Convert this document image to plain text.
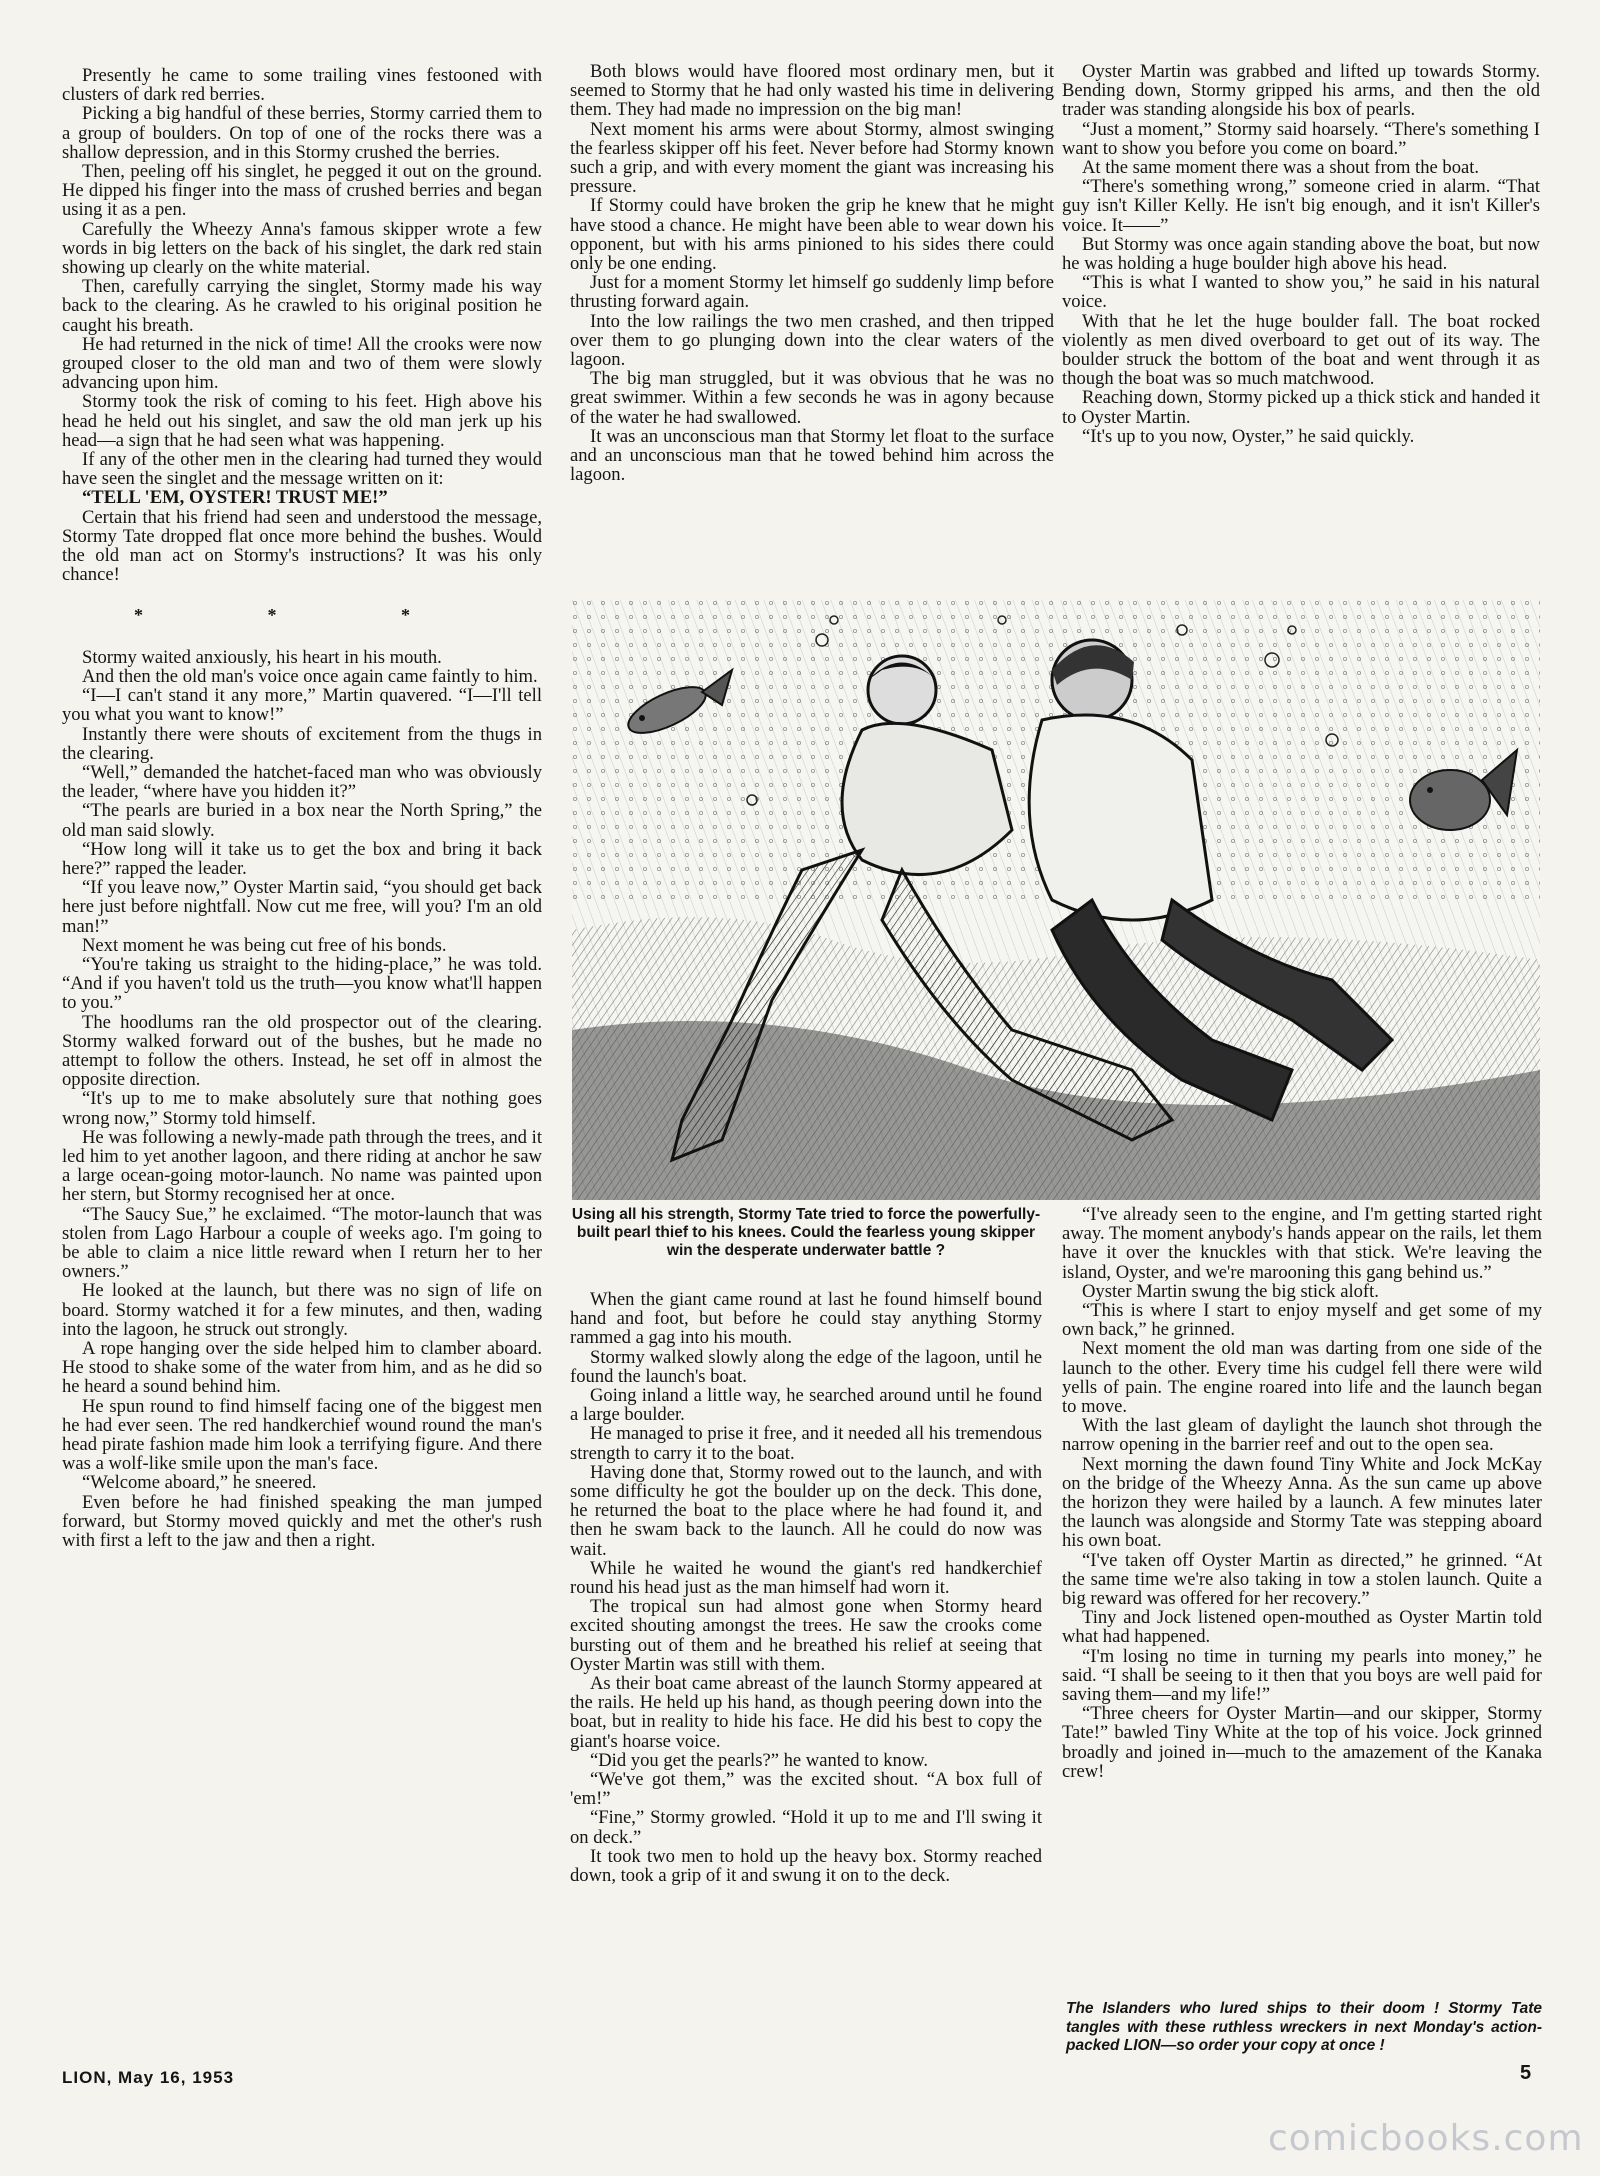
Presently he came to some trailing vines festooned with clusters of dark red berries.

Picking a big handful of these berries, Stormy carried them to a group of boulders. On top of one of the rocks there was a shallow depression, and in this Stormy crushed the berries.

Then, peeling off his singlet, he pegged it out on the ground. He dipped his finger into the mass of crushed berries and began using it as a pen.

Carefully the Wheezy Anna's famous skipper wrote a few words in big letters on the back of his singlet, the dark red stain showing up clearly on the white material.

Then, carefully carrying the singlet, Stormy made his way back to the clearing. As he crawled to his original position he caught his breath.

He had returned in the nick of time! All the crooks were now grouped closer to the old man and two of them were slowly advancing upon him.

Stormy took the risk of coming to his feet. High above his head he held out his singlet, and saw the old man jerk up his head—a sign that he had seen what was happening.

If any of the other men in the clearing had turned they would have seen the singlet and the message written on it:

“TELL 'EM, OYSTER! TRUST ME!”

Certain that his friend had seen and understood the message, Stormy Tate dropped flat once more behind the bushes. Would the old man act on Stormy's instructions? It was his only chance!

* * *

Stormy waited anxiously, his heart in his mouth.

And then the old man's voice once again came faintly to him.

“I—I can't stand it any more,” Martin quavered. “I—I'll tell you what you want to know!”

Instantly there were shouts of excitement from the thugs in the clearing.

“Well,” demanded the hatchet-faced man who was obviously the leader, “where have you hidden it?”

“The pearls are buried in a box near the North Spring,” the old man said slowly.

“How long will it take us to get the box and bring it back here?” rapped the leader.

“If you leave now,” Oyster Martin said, “you should get back here just before nightfall. Now cut me free, will you? I'm an old man!”

Next moment he was being cut free of his bonds.

“You're taking us straight to the hiding-place,” he was told. “And if you haven't told us the truth—you know what'll happen to you.”

The hoodlums ran the old prospector out of the clearing. Stormy walked forward out of the bushes, but he made no attempt to follow the others. Instead, he set off in almost the opposite direction.

“It's up to me to make absolutely sure that nothing goes wrong now,” Stormy told himself.

He was following a newly-made path through the trees, and it led him to yet another lagoon, and there riding at anchor he saw a large ocean-going motor-launch. No name was painted upon her stern, but Stormy recognised her at once.

“The Saucy Sue,” he exclaimed. “The motor-launch that was stolen from Lago Harbour a couple of weeks ago. I'm going to be able to claim a nice little reward when I return her to her owners.”

He looked at the launch, but there was no sign of life on board. Stormy watched it for a few minutes, and then, wading into the lagoon, he struck out strongly.

A rope hanging over the side helped him to clamber aboard. He stood to shake some of the water from him, and as he did so he heard a sound behind him.

He spun round to find himself facing one of the biggest men he had ever seen. The red handkerchief wound round the man's head pirate fashion made him look a terrifying figure. And there was a wolf-like smile upon the man's face.

“Welcome aboard,” he sneered.

Even before he had finished speaking the man jumped forward, but Stormy moved quickly and met the other's rush with first a left to the jaw and then a right.

Both blows would have floored most ordinary men, but it seemed to Stormy that he had only wasted his time in delivering them. They had made no impression on the big man!

Next moment his arms were about Stormy, almost swinging the fearless skipper off his feet. Never before had Stormy known such a grip, and with every moment the giant was increasing his pressure.

If Stormy could have broken the grip he knew that he might have stood a chance. He might have been able to wear down his opponent, but with his arms pinioned to his sides there could only be one ending.

Just for a moment Stormy let himself go suddenly limp before thrusting forward again.

Into the low railings the two men crashed, and then tripped over them to go plunging down into the clear waters of the lagoon.

The big man struggled, but it was obvious that he was no great swimmer. Within a few seconds he was in agony because of the water he had swallowed.

It was an unconscious man that Stormy let float to the surface and an unconscious man that he towed behind him across the lagoon.

Oyster Martin was grabbed and lifted up towards Stormy. Bending down, Stormy gripped his arms, and then the old trader was standing alongside his box of pearls.

“Just a moment,” Stormy said hoarsely. “There's something I want to show you before you come on board.”

At the same moment there was a shout from the boat.

“There's something wrong,” someone cried in alarm. “That guy isn't Killer Kelly. He isn't big enough, and it isn't Killer's voice. It——”

But Stormy was once again standing above the boat, but now he was holding a huge boulder high above his head.

“This is what I wanted to show you,” he said in his natural voice.

With that he let the huge boulder fall. The boat rocked violently as men dived overboard to get out of its way. The boulder struck the bottom of the boat and went through it as though the boat was so much matchwood.

Reaching down, Stormy picked up a thick stick and handed it to Oyster Martin.

“It's up to you now, Oyster,” he said quickly.

Using all his strength, Stormy Tate tried to force the powerfully-built pearl thief to his knees. Could the fearless young skipper win the desperate underwater battle ?

When the giant came round at last he found himself bound hand and foot, but before he could stay anything Stormy rammed a gag into his mouth.

Stormy walked slowly along the edge of the lagoon, until he found the launch's boat.

Going inland a little way, he searched around until he found a large boulder.

He managed to prise it free, and it needed all his tremendous strength to carry it to the boat.

Having done that, Stormy rowed out to the launch, and with some difficulty he got the boulder up on the deck. This done, he returned the boat to the place where he had found it, and then he swam back to the launch. All he could do now was wait.

While he waited he wound the giant's red handkerchief round his head just as the man himself had worn it.

The tropical sun had almost gone when Stormy heard excited shouting amongst the trees. He saw the crooks come bursting out of them and he breathed his relief at seeing that Oyster Martin was still with them.

As their boat came abreast of the launch Stormy appeared at the rails. He held up his hand, as though peering down into the boat, but in reality to hide his face. He did his best to copy the giant's hoarse voice.

“Did you get the pearls?” he wanted to know.

“We've got them,” was the excited shout. “A box full of 'em!”

“Fine,” Stormy growled. “Hold it up to me and I'll swing it on deck.”

It took two men to hold up the heavy box. Stormy reached down, took a grip of it and swung it on to the deck.

“I've already seen to the engine, and I'm getting started right away. The moment anybody's hands appear on the rails, let them have it over the knuckles with that stick. We're leaving the island, Oyster, and we're marooning this gang behind us.”

Oyster Martin swung the big stick aloft.

“This is where I start to enjoy myself and get some of my own back,” he grinned.

Next moment the old man was darting from one side of the launch to the other. Every time his cudgel fell there were wild yells of pain. The engine roared into life and the launch began to move.

With the last gleam of daylight the launch shot through the narrow opening in the barrier reef and out to the open sea.

Next morning the dawn found Tiny White and Jock McKay on the bridge of the Wheezy Anna. As the sun came up above the horizon they were hailed by a launch. A few minutes later the launch was alongside and Stormy Tate was stepping aboard his own boat.

“I've taken off Oyster Martin as directed,” he grinned. “At the same time we're also taking in tow a stolen launch. Quite a big reward was offered for her recovery.”

Tiny and Jock listened open-mouthed as Oyster Martin told what had happened.

“I'm losing no time in turning my pearls into money,” he said. “I shall be seeing to it then that you boys are well paid for saving them—and my life!”

“Three cheers for Oyster Martin—and our skipper, Stormy Tate!” bawled Tiny White at the top of his voice. Jock grinned broadly and joined in—much to the amazement of the Kanaka crew!

The Islanders who lured ships to their doom ! Stormy Tate tangles with these ruthless wreckers in next Monday's action-packed LION—so order your copy at once !
LION, May 16, 1953	5
comicbooks.com
